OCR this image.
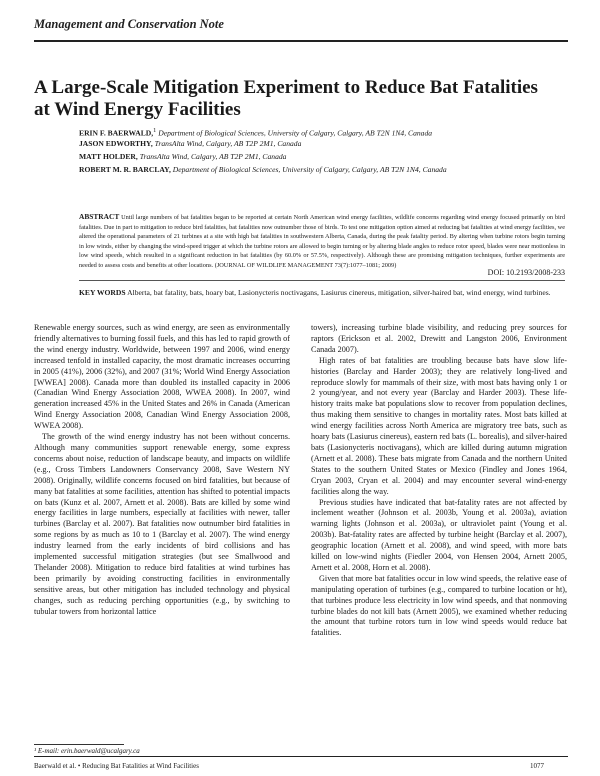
Management and Conservation Note
A Large-Scale Mitigation Experiment to Reduce Bat Fatalities at Wind Energy Facilities
ERIN F. BAERWALD,$^1$ Department of Biological Sciences, University of Calgary, Calgary, AB T2N 1N4, Canada
JASON EDWORTHY, TransAlta Wind, Calgary, AB T2P 2M1, Canada
MATT HOLDER, TransAlta Wind, Calgary, AB T2P 2M1, Canada
ROBERT M. R. BARCLAY, Department of Biological Sciences, University of Calgary, Calgary, AB T2N 1N4, Canada
ABSTRACT Until large numbers of bat fatalities began to be reported at certain North American wind energy facilities, wildlife concerns regarding wind energy focused primarily on bird fatalities. Due in part to mitigation to reduce bird fatalities, bat fatalities now outnumber those of birds. To test one mitigation option aimed at reducing bat fatalities at wind energy facilities, we altered the operational parameters of 21 turbines at a site with high bat fatalities in southwestern Alberta, Canada, during the peak fatality period. By altering when turbine rotors begin turning in low winds, either by changing the wind-speed trigger at which the turbine rotors are allowed to begin turning or by altering blade angles to reduce rotor speed, blades were near motionless in low wind speeds, which resulted in a significant reduction in bat fatalities (by 60.0% or 57.5%, respectively). Although these are promising mitigation techniques, further experiments are needed to assess costs and benefits at other locations. (JOURNAL OF WILDLIFE MANAGEMENT 73(7):1077–1081; 2009)
DOI: 10.2193/2008-233
KEY WORDS Alberta, bat fatality, bats, hoary bat, Lasionycteris noctivagans, Lasiurus cinereus, mitigation, silver-haired bat, wind energy, wind turbines.

Renewable energy sources, such as wind energy, are seen as environmentally friendly alternatives to burning fossil fuels, and this has led to rapid growth of the wind energy industry. Worldwide, between 1997 and 2006, wind energy increased tenfold in installed capacity, the most dramatic increases occurring in 2005 (41%), 2006 (32%), and 2007 (31%; World Wind Energy Association [WWEA] 2008). Canada more than doubled its installed capacity in 2006 (Canadian Wind Energy Association 2008, WWEA 2008). In 2007, wind generation increased 45% in the United States and 26% in Canada (American Wind Energy Association 2008, Canadian Wind Energy Association 2008, WWEA 2008).

The growth of the wind energy industry has not been without concerns. Although many communities support renewable energy, some express concerns about noise, reduction of landscape beauty, and impacts on wildlife (e.g., Cross Timbers Landowners Conservancy 2008, Save Western NY 2008). Originally, wildlife concerns focused on bird fatalities, but because of many bat fatalities at some facilities, attention has shifted to potential impacts on bats (Kunz et al. 2007, Arnett et al. 2008). Bats are killed by some wind energy facilities in large numbers, especially at facilities with newer, taller turbines (Barclay et al. 2007). Bat fatalities now outnumber bird fatalities in some regions by as much as 10 to 1 (Barclay et al. 2007). The wind energy industry learned from the early incidents of bird collisions and has implemented successful mitigation strategies (but see Smallwood and Thelander 2008). Mitigation to reduce bird fatalities at wind turbines has been primarily by avoiding constructing facilities in environmentally sensitive areas, but other mitigation has included technology and physical changes, such as reducing perching opportunities (e.g., by switching to tubular towers from horizontal lattice

towers), increasing turbine blade visibility, and reducing prey sources for raptors (Erickson et al. 2002, Drewitt and Langston 2006, Environment Canada 2007).

High rates of bat fatalities are troubling because bats have slow life-histories (Barclay and Harder 2003); they are relatively long-lived and reproduce slowly for mammals of their size, with most bats having only 1 or 2 young/year, and not every year (Barclay and Harder 2003). These life-history traits make bat populations slow to recover from population declines, thus making them sensitive to changes in mortality rates. Most bats killed at wind energy facilities across North America are migratory tree bats, such as hoary bats (Lasiurus cinereus), eastern red bats (L. borealis), and silver-haired bats (Lasionycteris noctivagans), which are killed during autumn migration (Arnett et al. 2008). These bats migrate from Canada and the northern United States to the southern United States or Mexico (Findley and Jones 1964, Cryan 2003, Cryan et al. 2004) and may encounter several wind-energy facilities along the way.

Previous studies have indicated that bat-fatality rates are not affected by inclement weather (Johnson et al. 2003b, Young et al. 2003a), aviation warning lights (Johnson et al. 2003a), or ultraviolet paint (Young et al. 2003b). Bat-fatality rates are affected by turbine height (Barclay et al. 2007), geographic location (Arnett et al. 2008), and wind speed, with more bats killed on low-wind nights (Fiedler 2004, von Hensen 2004, Arnett 2005, Arnett et al. 2008, Horn et al. 2008).

Given that more bat fatalities occur in low wind speeds, the relative ease of manipulating operation of turbines (e.g., compared to turbine location or ht), that turbines produce less electricity in low wind speeds, and that nonmoving turbine blades do not kill bats (Arnett 2005), we examined whether reducing the amount that turbine rotors turn in low wind speeds would reduce bat fatalities.

¹ E-mail: erin.baerwald@ucalgary.ca
Baerwald et al. • Reducing Bat Fatalities at Wind Facilities	1077
